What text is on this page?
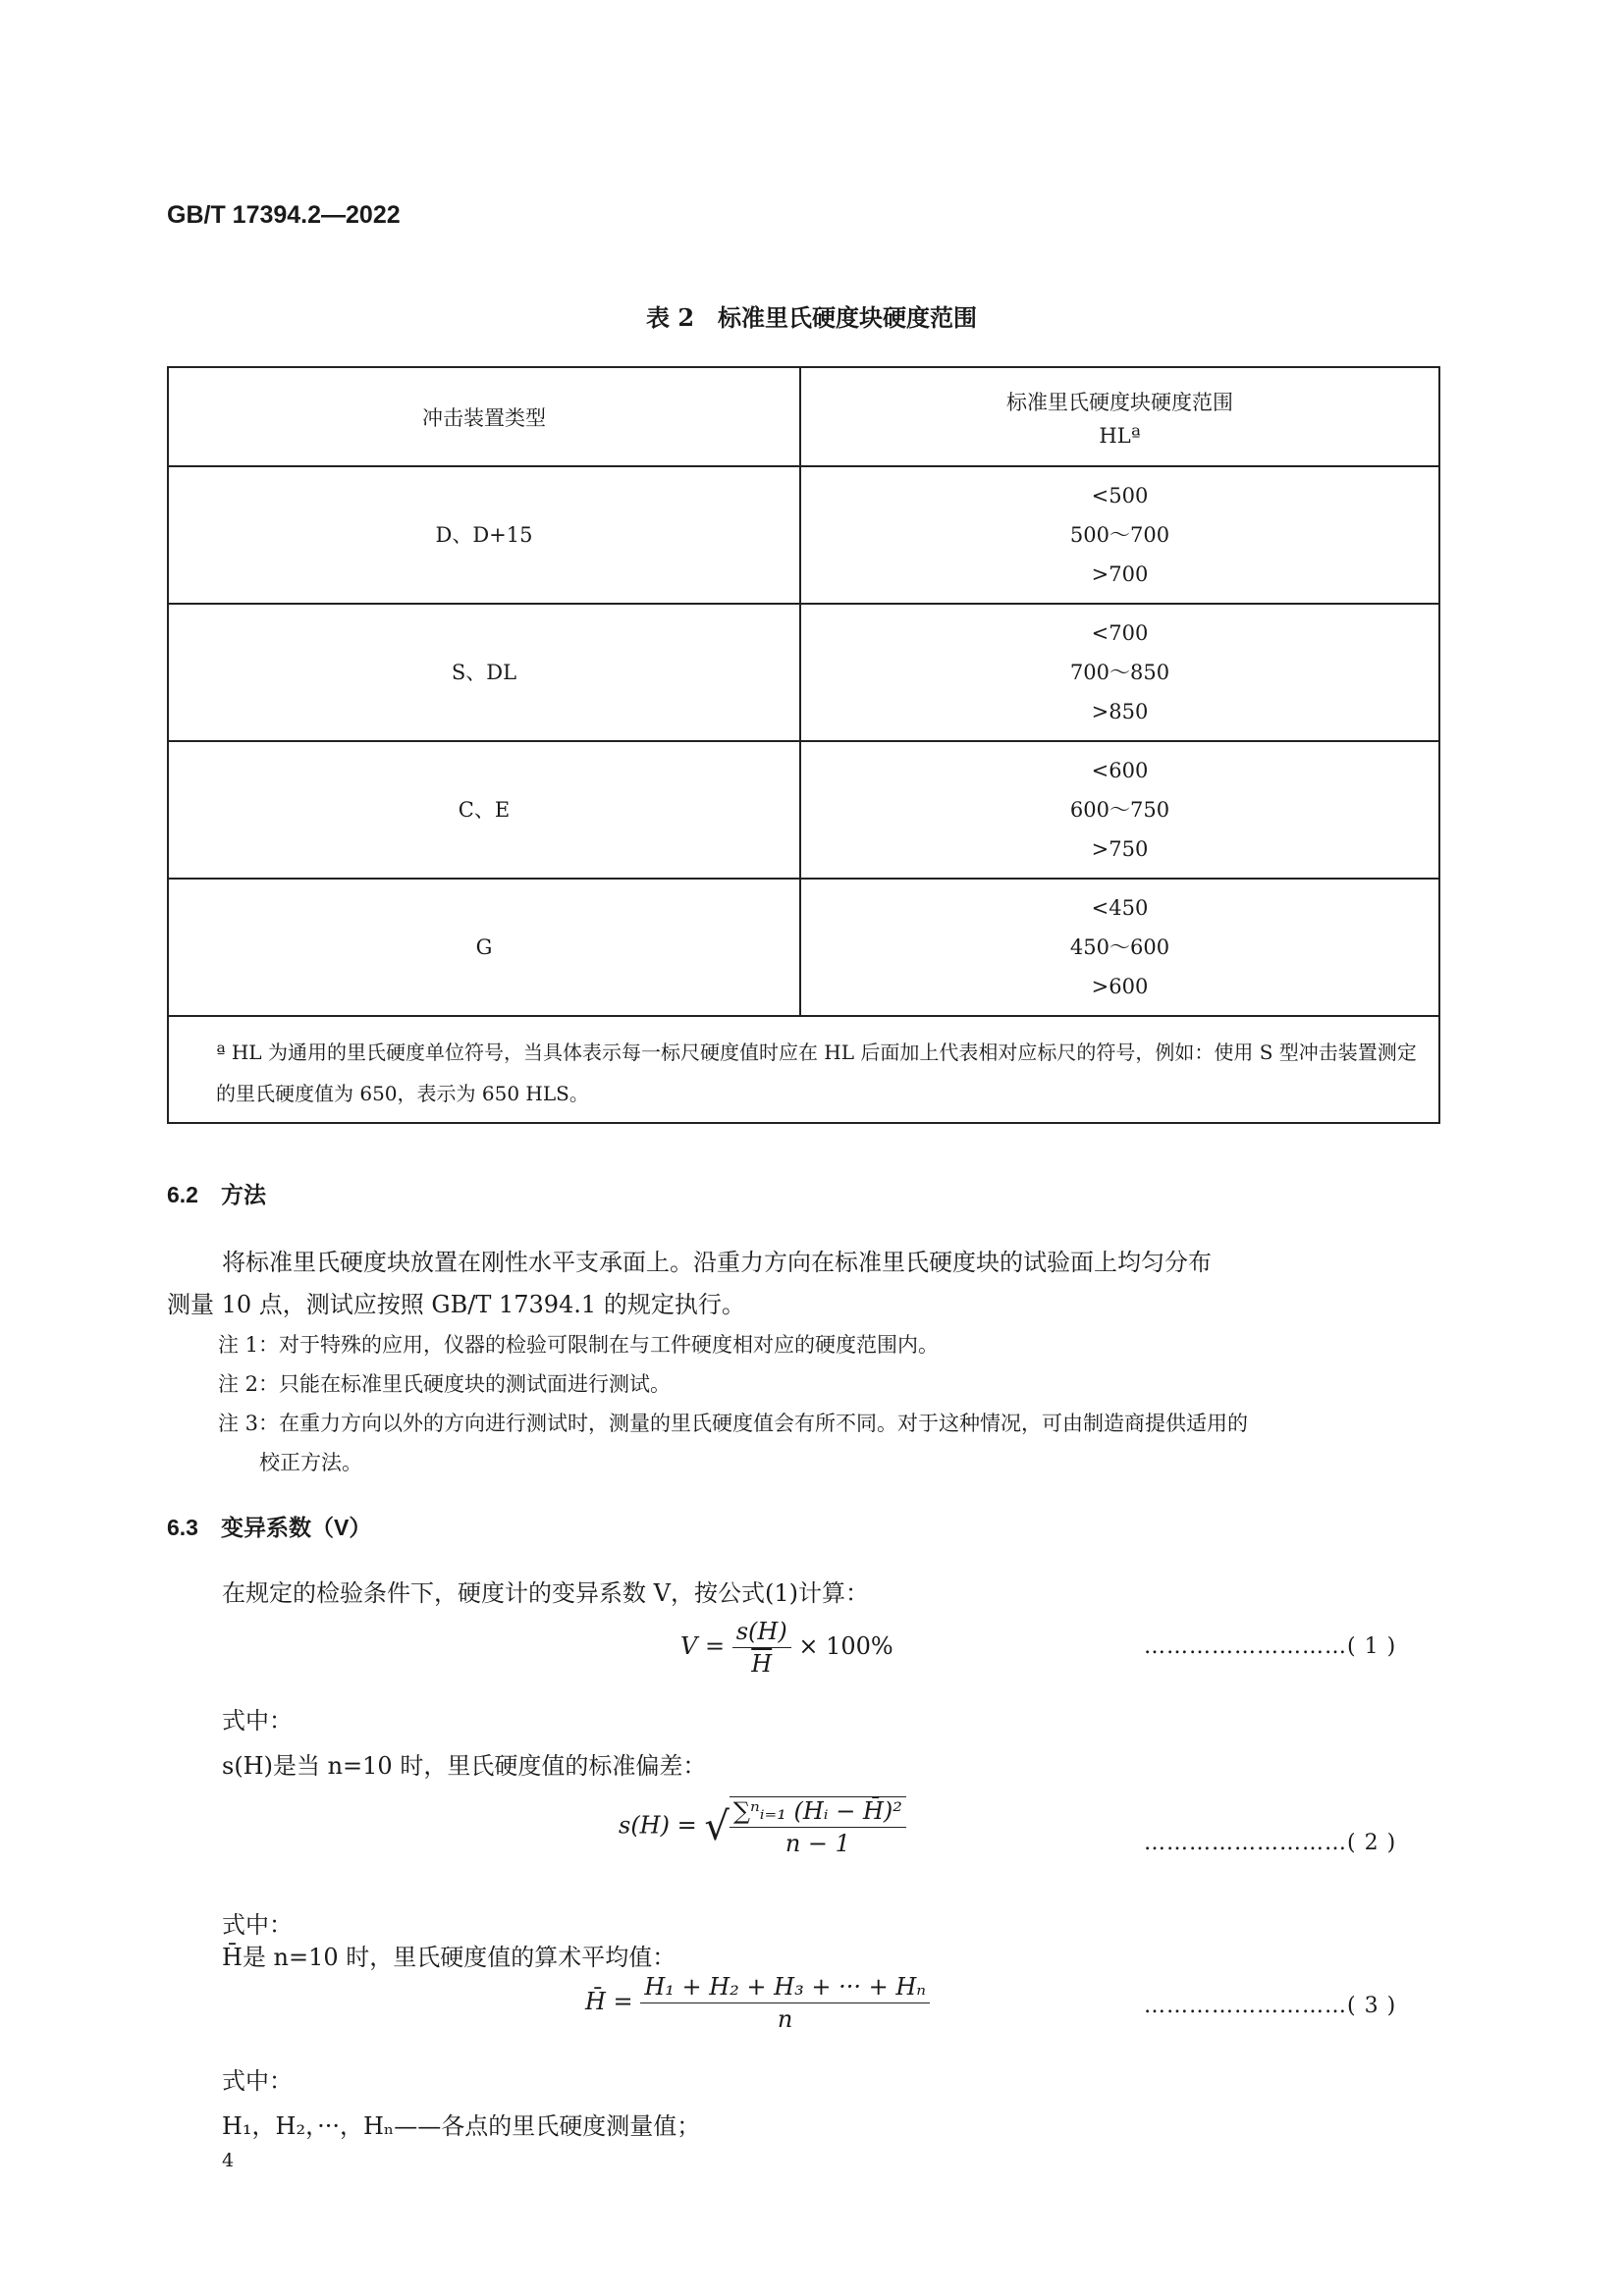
GB/T 17394.2—2022
表 2　标准里氏硬度块硬度范围
冲击装置类型	标准里氏硬度块硬度范围
HLª

D、D+15	<500
500～700
>700

S、DL	<700
700～850
>850

C、E	<600
600～750
>750

G	<450
450～600
>600

ª HL 为通用的里氏硬度单位符号，当具体表示每一标尺硬度值时应在 HL 后面加上代表相对应标尺的符号，例如：使用 S 型冲击装置测定的里氏硬度值为 650，表示为 650 HLS。	
6.2　方法
将标准里氏硬度块放置在刚性水平支承面上。沿重力方向在标准里氏硬度块的试验面上均匀分布
测量 10 点，测试应按照 GB/T 17394.1 的规定执行。
注 1：对于特殊的应用，仪器的检验可限制在与工件硬度相对应的硬度范围内。
注 2：只能在标准里氏硬度块的测试面进行测试。
注 3：在重力方向以外的方向进行测试时，测量的里氏硬度值会有所不同。对于这种情况，可由制造商提供适用的
校正方法。
6.3　变异系数（V）
在规定的检验条件下，硬度计的变异系数 V，按公式(1)计算：
$V = \frac{s(H)}{H} \times 100\%$	………………………( 1 )
式中：
s(H)是当 n=10 时，里氏硬度值的标准偏差：
s(H) = √ $\frac{\text{∑ⁿᵢ₌₁ (Hᵢ − H̄)²}}{n - 1}$	………………………( 2 )
式中：
H̄是 n=10 时，里氏硬度值的算术平均值：
H̄ = $\frac{\text{H₁ + H₂ + H₃ + ··· + Hₙ}}{n}$	………………………( 3 )
式中：
H₁，H₂，···，Hₙ——各点的里氏硬度测量值；
4
